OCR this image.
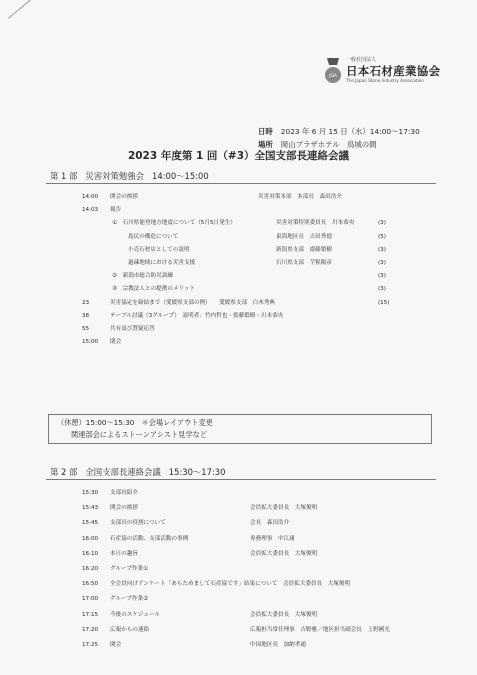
JSIA
一般社団法人
日本石材産業協会
The Japan Stone Industry Association
日時 2023 年 6 月 15 日（水）14:00～17:30
場所 岡山プラザホテル　鳥城の間
2023 年度第 1 回（#3）全国支部長連絡会議
第 1 部 災害対策勉強会 14:00～15:00
14:00 開会の挨拶	災害対策本部　本部長　森田浩介
14:03 報告
①　石川県能登地方地震について（5月5日発生）	災害対策特別委員長　川本恭央	(3)
島民の構造について	東海地区長　吉田秀德	(5)
小売石材店としての説明	新潟県支部　齋藤繁樹	(3)
過疎地域における災害支援	石川県支部　芋猩陽彦	(3)
②　新潟市総合防災訓練	(3)
③　宗教法人との提携のメリット	(3)
23	災害協定を締結まで（愛媛県支部の例）　　愛媛県支部　白木秀典	(15)
38	テーブル討議（3グループ）　説明者：竹内哲也・齋藤繁樹・川本恭央
55	共有及び質疑応答
15:00 閉会
（休憩）15:00～15:30　＊会場レイアウト変更
関連部会によるストーンアシスト見学など
第 2 部 全国支部長連絡会議 15:30～17:30
15:30 支部長紹介
15:43 開会の挨拶	会員拡大委員長　大塚俊明
15:45 支部長の役割について	会長　森田浩介
16:00 石産協の活動、支部活動の事例	専務理事　中江庸
16:10 本日の趣旨	会員拡大委員長　大塚俊明
16:20 グループ作業①
16:50 全会員向けアンケート「あらためまして石産協です」結果について　会員拡大委員長　大塚俊明
17:00 グループ作業②
17:15 今後のスケジュール	会員拡大委員長　大塚俊明
17:20 広報からの連絡	広報担当常任理事　吉野雅／地区担当副会長　上野國光
17:25 閉会	中国地区長　加納孝通
